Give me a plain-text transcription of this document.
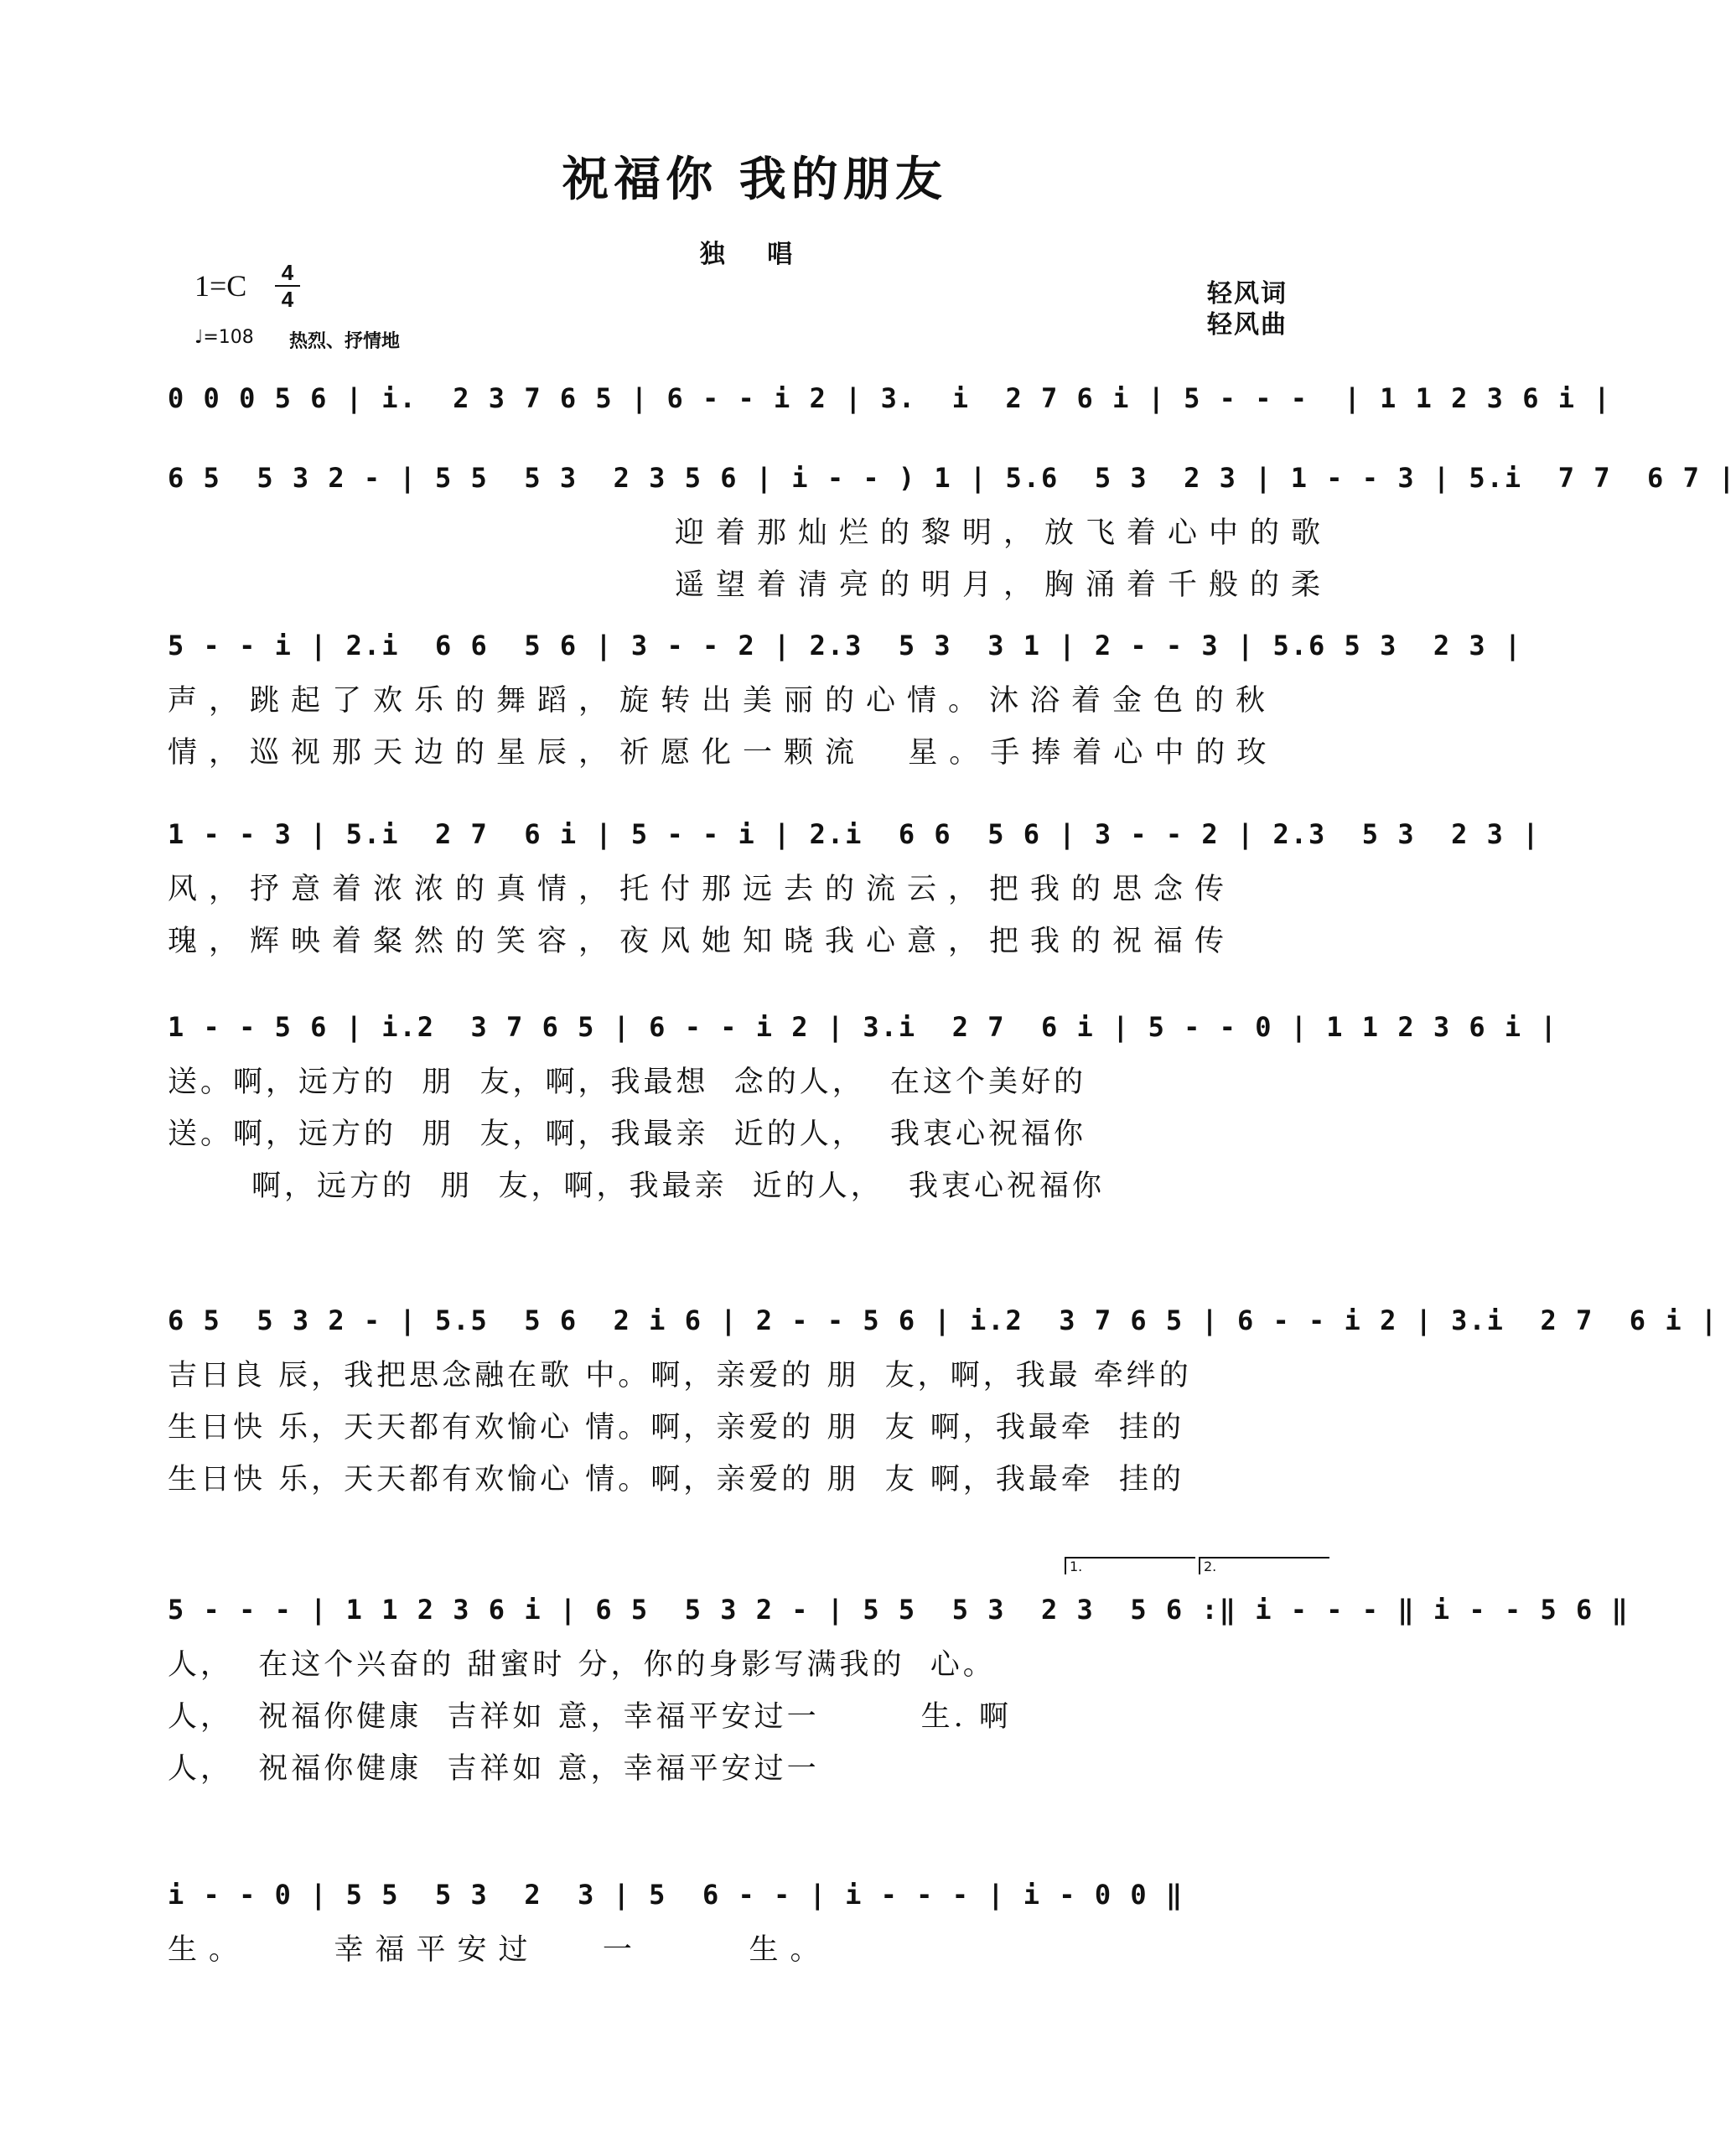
祝福你 我的朋友
独 唱
1=C 4
4
♩=108 热烈、抒情地
轻风词
轻风曲
0 0 0 5 6 | i.  2 3 7 6 5 | 6 - - i 2 | 3.  i  2 7 6 i | 5 - - -  | 1 1 2 3 6 i |
6 5  5 3 2 - | 5 5  5 3  2 3 5 6 | i - - ) 1 | 5.6  5 3  2 3 | 1 - - 3 | 5.i  7 7  6 7 |
迎着那灿烂的黎明，放飞着心中的歌
遥望着清亮的明月，胸涌着千般的柔
5 - - i | 2.i  6 6  5 6 | 3 - - 2 | 2.3  5 3  3 1 | 2 - - 3 | 5.6 5 3  2 3 |
声，跳起了欢乐的舞蹈，旋转出美丽的心情。沐浴着金色的秋
情，巡视那天边的星辰，祈愿化一颗流  星。手捧着心中的玫
1 - - 3 | 5.i  2 7  6 i | 5 - - i | 2.i  6 6  5 6 | 3 - - 2 | 2.3  5 3  2 3 |
风，抒意着浓浓的真情，托付那远去的流云，把我的思念传
瑰，辉映着粲然的笑容，夜风她知晓我心意，把我的祝福传
1 - - 5 6 | i.2  3 7 6 5 | 6 - - i 2 | 3.i  2 7  6 i | 5 - - 0 | 1 1 2 3 6 i |
送。啊，远方的  朋  友，啊，我最想  念的人，  在这个美好的
送。啊，远方的  朋  友，啊，我最亲  近的人，  我衷心祝福你
啊，远方的  朋  友，啊，我最亲  近的人，  我衷心祝福你
6 5  5 3 2 - | 5.5  5 6  2 i 6 | 2 - - 5 6 | i.2  3 7 6 5 | 6 - - i 2 | 3.i  2 7  6 i |
吉日良 辰，我把思念融在歌 中。啊，亲爱的 朋  友，啊，我最 牵绊的
生日快 乐，天天都有欢愉心 情。啊，亲爱的 朋  友 啊，我最牵  挂的
生日快 乐，天天都有欢愉心 情。啊，亲爱的 朋  友 啊，我最牵  挂的
1.	2.
5 - - - | 1 1 2 3 6 i | 6 5  5 3 2 - | 5 5  5 3  2 3  5 6 :‖ i - - - ‖ i - - 5 6 ‖
人，  在这个兴奋的 甜蜜时 分，你的身影写满我的  心。
人，  祝福你健康  吉祥如 意，幸福平安过一        生. 啊
人，  祝福你健康  吉祥如 意，幸福平安过一
i - - 0 | 5 5  5 3  2  3 | 5  6 - - | i - - - | i - 0 0 ‖
生。    幸福平安过   一     生。
